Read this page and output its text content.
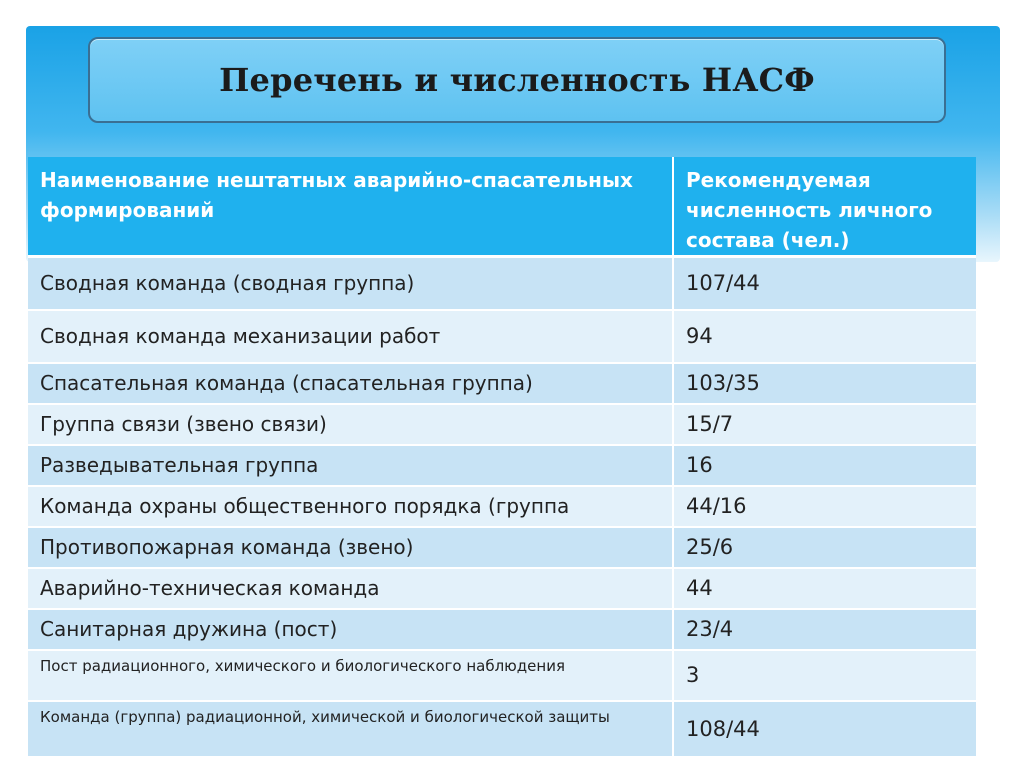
Перечень и численность НАСФ
Наименование нештатных аварийно-спасательных формирований	Рекомендуемая численность личного состава (чел.)
Сводная команда (сводная группа)	107/44
Сводная команда механизации работ	94
Спасательная команда (спасательная группа)	103/35
Группа связи (звено связи)	15/7
Разведывательная группа	16
Команда охраны общественного порядка (группа	44/16
Противопожарная команда (звено)	25/6
Аварийно-техническая команда	44
Санитарная дружина (пост)	23/4
Пост радиационного, химического и биологического наблюдения	3
Команда (группа) радиационной, химической и биологической защиты	108/44
